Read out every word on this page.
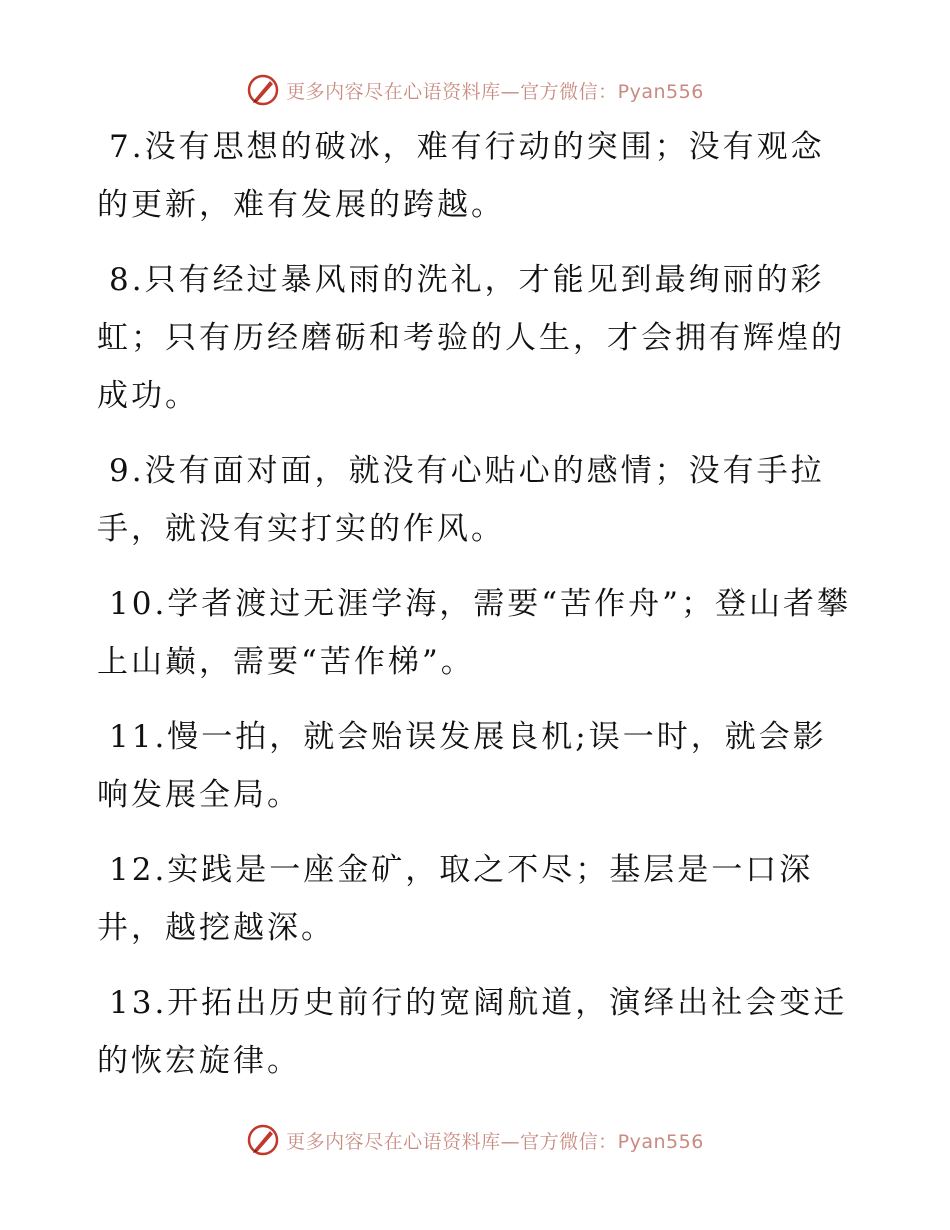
更多内容尽在心语资料库—官方微信：Pyan556

7.没有思想的破冰，难有行动的突围；没有观念的更新，难有发展的跨越。

8.只有经过暴风雨的洗礼，才能见到最绚丽的彩虹；只有历经磨砺和考验的人生，才会拥有辉煌的成功。

9.没有面对面，就没有心贴心的感情；没有手拉手，就没有实打实的作风。

10.学者渡过无涯学海，需要“苦作舟”；登山者攀上山巅，需要“苦作梯”。

11.慢一拍，就会贻误发展良机;误一时，就会影响发展全局。

12.实践是一座金矿，取之不尽；基层是一口深井，越挖越深。

13.开拓出历史前行的宽阔航道，演绎出社会变迁的恢宏旋律。

更多内容尽在心语资料库—官方微信：Pyan556
